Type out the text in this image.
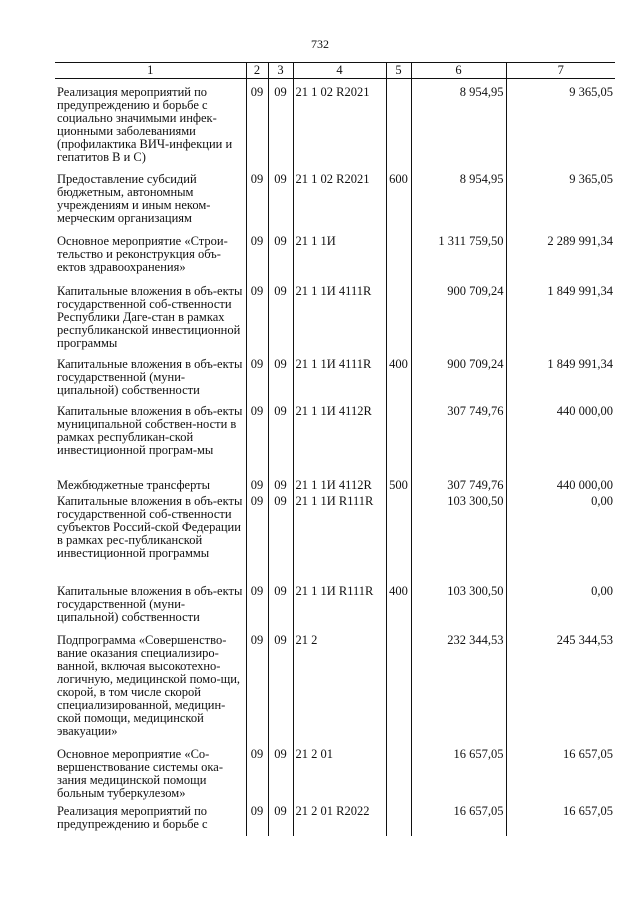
732
1	2	3	4	5	6	7
Реализация мероприятий по предупреждению и борьбе с социально значимыми инфек-ционными заболеваниями (профилактика ВИЧ-инфекции и гепатитов В и С)	09	09	21 1 02 R2021		8 954,95	9 365,05
Предоставление субсидий бюджетным, автономным учреждениям и иным неком-мерческим организациям	09	09	21 1 02 R2021	600	8 954,95	9 365,05
Основное мероприятие «Строи-тельство и реконструкция объ-ектов здравоохранения»	09	09	21 1 1И		1 311 759,50	2 289 991,34
Капитальные вложения в объ-екты государственной соб-ственности Республики Даге-стан в рамках республиканской инвестиционной программы	09	09	21 1 1И 4111R		900 709,24	1 849 991,34
Капитальные вложения в объ-екты государственной (муни-ципальной) собственности	09	09	21 1 1И 4111R	400	900 709,24	1 849 991,34
Капитальные вложения в объ-екты муниципальной собствен-ности в рамках республикан-ской инвестиционной програм-мы	09	09	21 1 1И 4112R		307 749,76	440 000,00
Межбюджетные трансферты	09	09	21 1 1И 4112R	500	307 749,76	440 000,00
Капитальные вложения в объ-екты государственной соб-ственности субъектов Россий-ской Федерации в рамках рес-публиканской инвестиционной программы	09	09	21 1 1И R111R		103 300,50	0,00
Капитальные вложения в объ-екты государственной (муни-ципальной) собственности	09	09	21 1 1И R111R	400	103 300,50	0,00
Подпрограмма «Совершенство-вание оказания специализиро-ванной, включая высокотехно-логичную, медицинской помо-щи, скорой, в том числе скорой специализированной, медицин-ской помощи, медицинской эвакуации»	09	09	21 2		232 344,53	245 344,53
Основное мероприятие «Со-вершенствование системы ока-зания медицинской помощи больным туберкулезом»	09	09	21 2 01		16 657,05	16 657,05
Реализация мероприятий по предупреждению и борьбе с	09	09	21 2 01 R2022		16 657,05	16 657,05
